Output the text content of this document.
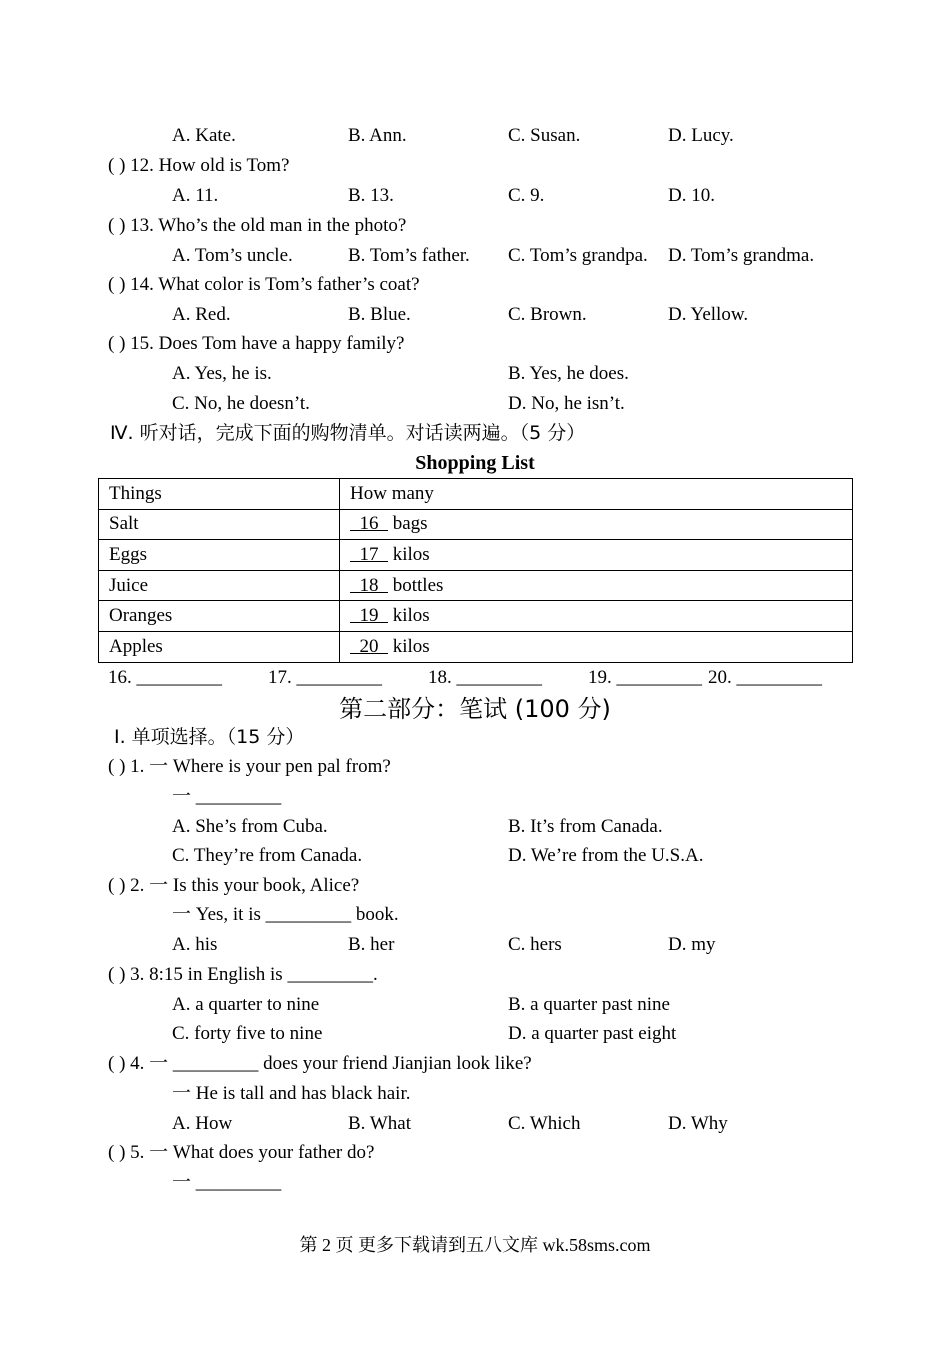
A. Kate.	B. Ann.	C. Susan.	D. Lucy.
( ) 12. How old is Tom?
A. 11.	B. 13.	C. 9.	D. 10.
( ) 13. Who’s the old man in the photo?
A. Tom’s uncle.	B. Tom’s father. C. Tom’s grandpa. D. Tom’s grandma.
( ) 14. What color is Tom’s father’s coat?
A. Red.	B. Blue.	C. Brown.	D. Yellow.
( ) 15. Does Tom have a happy family?
A. Yes, he is.	B. Yes, he does.
C. No, he doesn’t.	D. No, he isn’t.
Ⅳ. 听对话，完成下面的购物清单。对话读两遍。（5 分）
Shopping List
Things	How many
Salt	16   bags
Eggs	17   kilos
Juice	18   bottles
Oranges	19   kilos
Apples	20   kilos
16. _________ 17. _________ 18. _________ 19. _________ 20. _________
第二部分：笔试 (100 分)
Ⅰ. 单项选择。（15 分）
( ) 1. 一 Where is your pen pal from?
一 _________
A. She’s from Cuba.	B. It’s from Canada.
C. They’re from Canada.	D. We’re from the U.S.A.
( ) 2. 一 Is this your book, Alice?
一 Yes, it is _________ book.
A. his	B. her	C. hers	D. my
( ) 3. 8:15 in English is _________.
A. a quarter to nine	B. a quarter past nine
C. forty five to nine	D. a quarter past eight
( ) 4. 一 _________ does your friend Jianjian look like?
一 He is tall and has black hair.
A. How	B. What	C. Which	D. Why
( ) 5. 一 What does your father do?
一 _________
第 2 页 更多下载请到五八文库 wk.58sms.com
